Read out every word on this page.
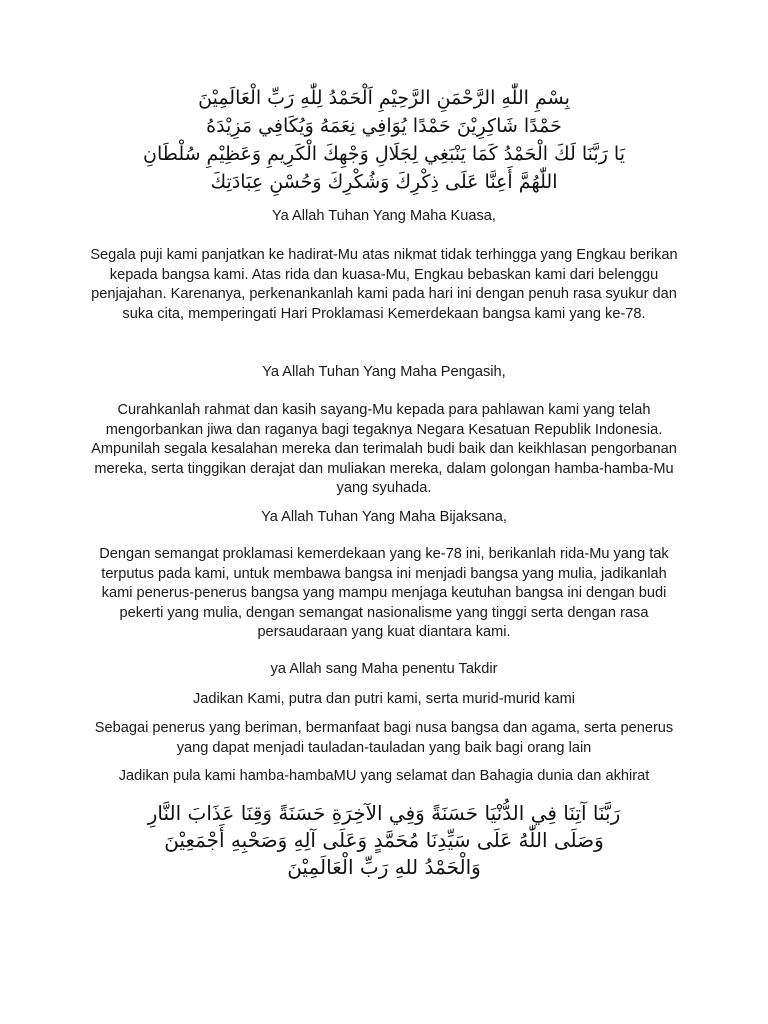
بِسْمِ اللّٰهِ الرَّحْمَنِ الرَّحِيْمِ اَلْحَمْدُ لِلّٰهِ رَبِّ الْعَالَمِيْنَ
حَمْدًا شَاكِرِيْنَ حَمْدًا يُوَافِي نِعَمَهُ وَيُكَافِي مَزِيْدَهُ
يَا رَبَّنَا لَكَ الْحَمْدُ كَمَا يَنْبَغِي لِجَلَالِ وَجْهِكَ الْكَرِيمِ وَعَظِيْمِ سُلْطَانِ
اللّٰهُمَّ أَعِنَّا عَلَى ذِكْرِكَ وَشُكْرِكَ وَحُسْنِ عِبَادَتِكَ
Ya Allah Tuhan Yang Maha Kuasa,
Segala puji kami panjatkan ke hadirat-Mu atas nikmat tidak terhingga yang Engkau berikan kepada bangsa kami. Atas rida dan kuasa-Mu, Engkau bebaskan kami dari belenggu penjajahan. Karenanya, perkenankanlah kami pada hari ini dengan penuh rasa syukur dan suka cita, memperingati Hari Proklamasi Kemerdekaan bangsa kami yang ke-78.
Ya Allah Tuhan Yang Maha Pengasih,
Curahkanlah rahmat dan kasih sayang-Mu kepada para pahlawan kami yang telah mengorbankan jiwa dan raganya bagi tegaknya Negara Kesatuan Republik Indonesia. Ampunilah segala kesalahan mereka dan terimalah budi baik dan keikhlasan pengorbanan mereka, serta tinggikan derajat dan muliakan mereka, dalam golongan hamba-hamba-Mu yang syuhada.
Ya Allah Tuhan Yang Maha Bijaksana,
Dengan semangat proklamasi kemerdekaan yang ke-78 ini, berikanlah rida-Mu yang tak terputus pada kami, untuk membawa bangsa ini menjadi bangsa yang mulia, jadikanlah kami penerus-penerus bangsa yang mampu menjaga keutuhan bangsa ini dengan budi pekerti yang mulia, dengan semangat nasionalisme yang tinggi serta dengan rasa persaudaraan yang kuat diantara kami.
ya Allah sang Maha penentu Takdir
Jadikan Kami, putra dan putri kami, serta murid-murid kami
Sebagai penerus yang beriman, bermanfaat bagi nusa bangsa dan agama, serta penerus yang dapat menjadi tauladan-tauladan yang baik bagi orang lain
Jadikan pula kami hamba-hambaMU yang selamat dan Bahagia dunia dan akhirat
رَبَّنَا آتِنَا فِي الدُّنْيَا حَسَنَةً وَفِي الآخِرَةِ حَسَنَةً وَقِنَا عَذَابَ النَّارِ
وَصَلَى اللّٰهُ عَلَى سَيِّدِنَا مُحَمَّدٍ وَعَلَى آلِهِ وَصَحْبِهِ أَجْمَعِيْنَ
وَالْحَمْدُ للهِ رَبِّ الْعَالَمِيْنَ
